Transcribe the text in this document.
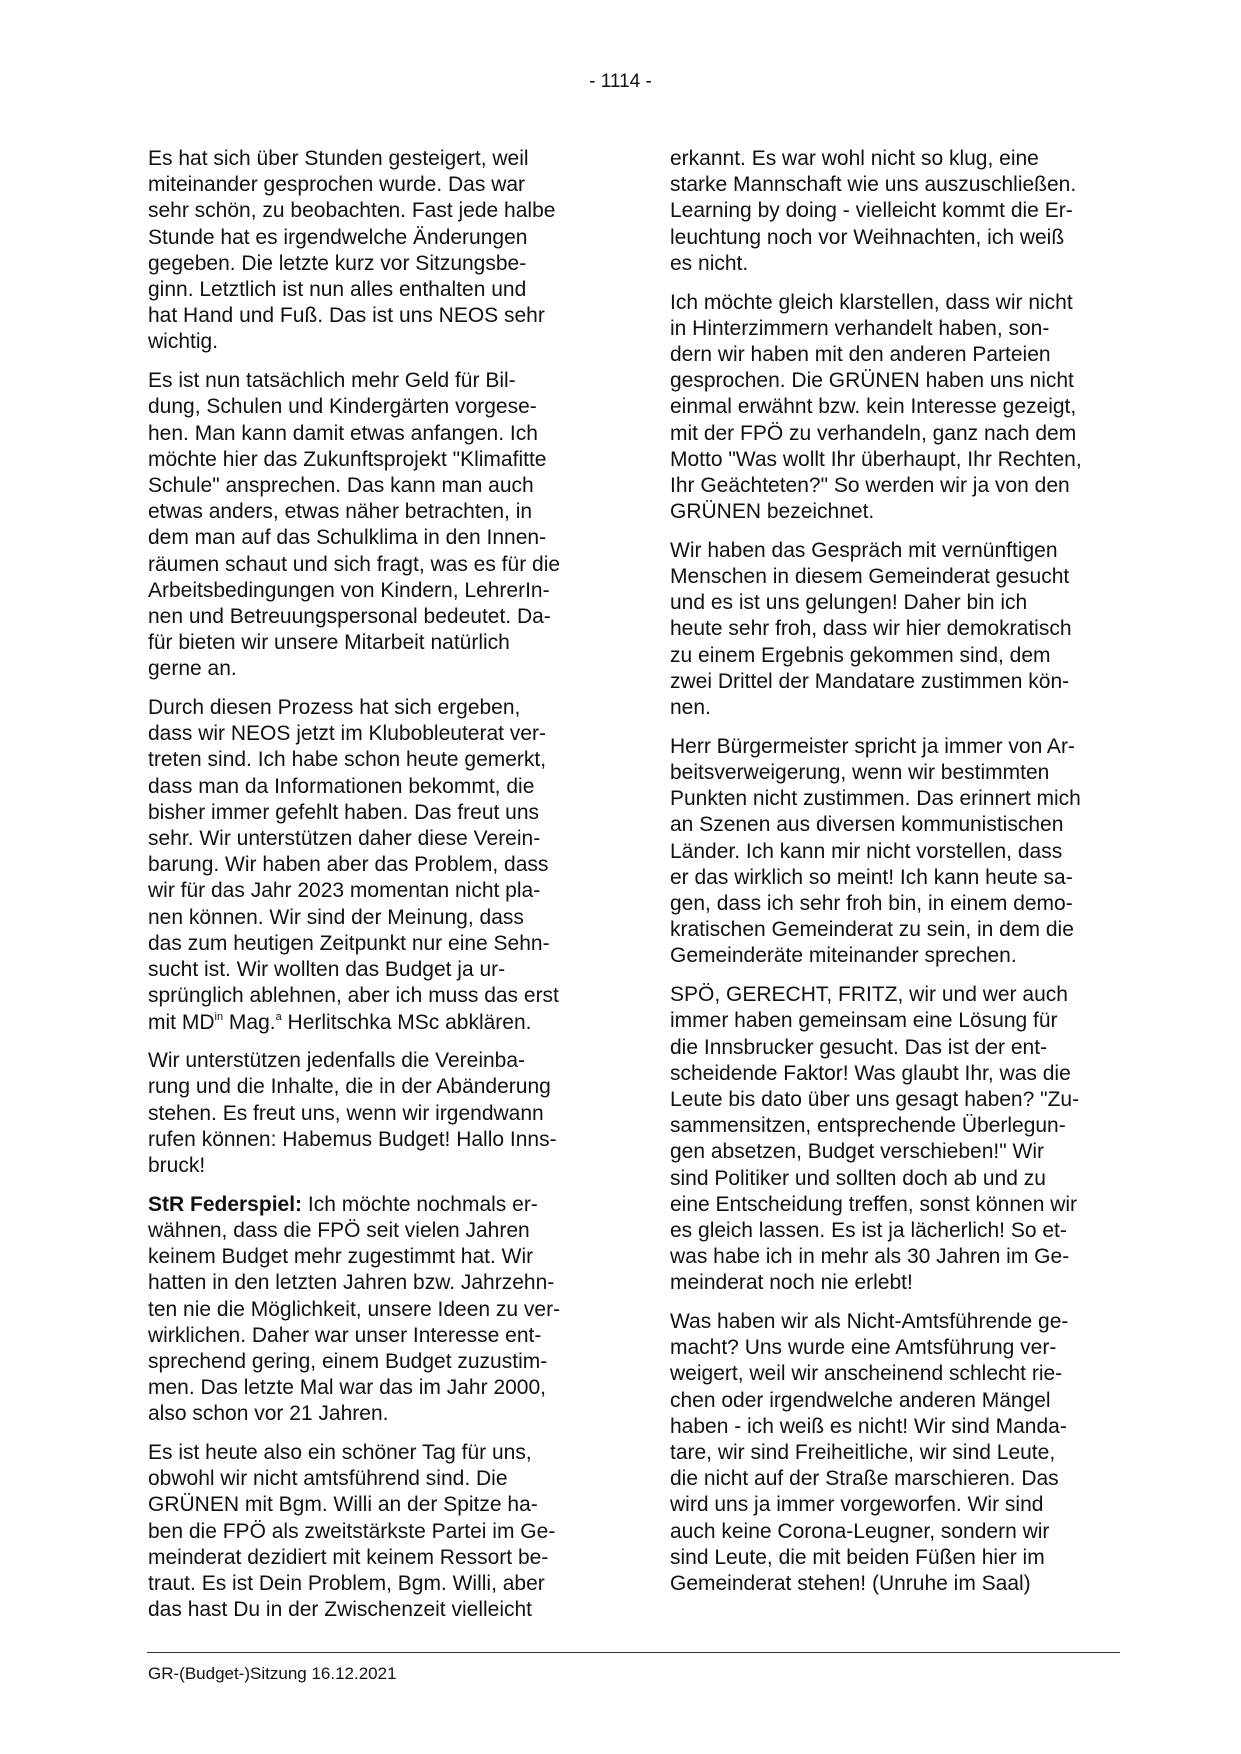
- 1114 -

Es hat sich über Stunden gesteigert, weil
miteinander gesprochen wurde. Das war
sehr schön, zu beobachten. Fast jede halbe
Stunde hat es irgendwelche Änderungen
gegeben. Die letzte kurz vor Sitzungsbe-
ginn. Letztlich ist nun alles enthalten und
hat Hand und Fuß. Das ist uns NEOS sehr
wichtig.

Es ist nun tatsächlich mehr Geld für Bil-
dung, Schulen und Kindergärten vorgese-
hen. Man kann damit etwas anfangen. Ich
möchte hier das Zukunftsprojekt "Klimafitte
Schule" ansprechen. Das kann man auch
etwas anders, etwas näher betrachten, in
dem man auf das Schulklima in den Innen-
räumen schaut und sich fragt, was es für die
Arbeitsbedingungen von Kindern, LehrerIn-
nen und Betreuungspersonal bedeutet. Da-
für bieten wir unsere Mitarbeit natürlich
gerne an.

Durch diesen Prozess hat sich ergeben,
dass wir NEOS jetzt im Klubobleuterat ver-
treten sind. Ich habe schon heute gemerkt,
dass man da Informationen bekommt, die
bisher immer gefehlt haben. Das freut uns
sehr. Wir unterstützen daher diese Verein-
barung. Wir haben aber das Problem, dass
wir für das Jahr 2023 momentan nicht pla-
nen können. Wir sind der Meinung, dass
das zum heutigen Zeitpunkt nur eine Sehn-
sucht ist. Wir wollten das Budget ja ur-
sprünglich ablehnen, aber ich muss das erst
mit $MD^{in}$ Mag.$^a$ Herlitschka MSc abklären.

Wir unterstützen jedenfalls die Vereinba-
rung und die Inhalte, die in der Abänderung
stehen. Es freut uns, wenn wir irgendwann
rufen können: Habemus Budget! Hallo Inns-
bruck!

StR Federspiel: Ich möchte nochmals er-
wähnen, dass die FPÖ seit vielen Jahren
keinem Budget mehr zugestimmt hat. Wir
hatten in den letzten Jahren bzw. Jahrzehn-
ten nie die Möglichkeit, unsere Ideen zu ver-
wirklichen. Daher war unser Interesse ent-
sprechend gering, einem Budget zuzustim-
men. Das letzte Mal war das im Jahr 2000,
also schon vor 21 Jahren.

Es ist heute also ein schöner Tag für uns,
obwohl wir nicht amtsführend sind. Die
GRÜNEN mit Bgm. Willi an der Spitze ha-
ben die FPÖ als zweitstärkste Partei im Ge-
meinderat dezidiert mit keinem Ressort be-
traut. Es ist Dein Problem, Bgm. Willi, aber
das hast Du in der Zwischenzeit vielleicht

erkannt. Es war wohl nicht so klug, eine
starke Mannschaft wie uns auszuschließen.
Learning by doing - vielleicht kommt die Er-
leuchtung noch vor Weihnachten, ich weiß
es nicht.

Ich möchte gleich klarstellen, dass wir nicht
in Hinterzimmern verhandelt haben, son-
dern wir haben mit den anderen Parteien
gesprochen. Die GRÜNEN haben uns nicht
einmal erwähnt bzw. kein Interesse gezeigt,
mit der FPÖ zu verhandeln, ganz nach dem
Motto "Was wollt Ihr überhaupt, Ihr Rechten,
Ihr Geächteten?" So werden wir ja von den
GRÜNEN bezeichnet.

Wir haben das Gespräch mit vernünftigen
Menschen in diesem Gemeinderat gesucht
und es ist uns gelungen! Daher bin ich
heute sehr froh, dass wir hier demokratisch
zu einem Ergebnis gekommen sind, dem
zwei Drittel der Mandatare zustimmen kön-
nen.

Herr Bürgermeister spricht ja immer von Ar-
beitsverweigerung, wenn wir bestimmten
Punkten nicht zustimmen. Das erinnert mich
an Szenen aus diversen kommunistischen
Länder. Ich kann mir nicht vorstellen, dass
er das wirklich so meint! Ich kann heute sa-
gen, dass ich sehr froh bin, in einem demo-
kratischen Gemeinderat zu sein, in dem die
Gemeinderäte miteinander sprechen.

SPÖ, GERECHT, FRITZ, wir und wer auch
immer haben gemeinsam eine Lösung für
die Innsbrucker gesucht. Das ist der ent-
scheidende Faktor! Was glaubt Ihr, was die
Leute bis dato über uns gesagt haben? "Zu-
sammensitzen, entsprechende Überlegun-
gen absetzen, Budget verschieben!" Wir
sind Politiker und sollten doch ab und zu
eine Entscheidung treffen, sonst können wir
es gleich lassen. Es ist ja lächerlich! So et-
was habe ich in mehr als 30 Jahren im Ge-
meinderat noch nie erlebt!

Was haben wir als Nicht-Amtsführende ge-
macht? Uns wurde eine Amtsführung ver-
weigert, weil wir anscheinend schlecht rie-
chen oder irgendwelche anderen Mängel
haben - ich weiß es nicht! Wir sind Manda-
tare, wir sind Freiheitliche, wir sind Leute,
die nicht auf der Straße marschieren. Das
wird uns ja immer vorgeworfen. Wir sind
auch keine Corona-Leugner, sondern wir
sind Leute, die mit beiden Füßen hier im
Gemeinderat stehen! (Unruhe im Saal)

GR-(Budget-)Sitzung 16.12.2021
